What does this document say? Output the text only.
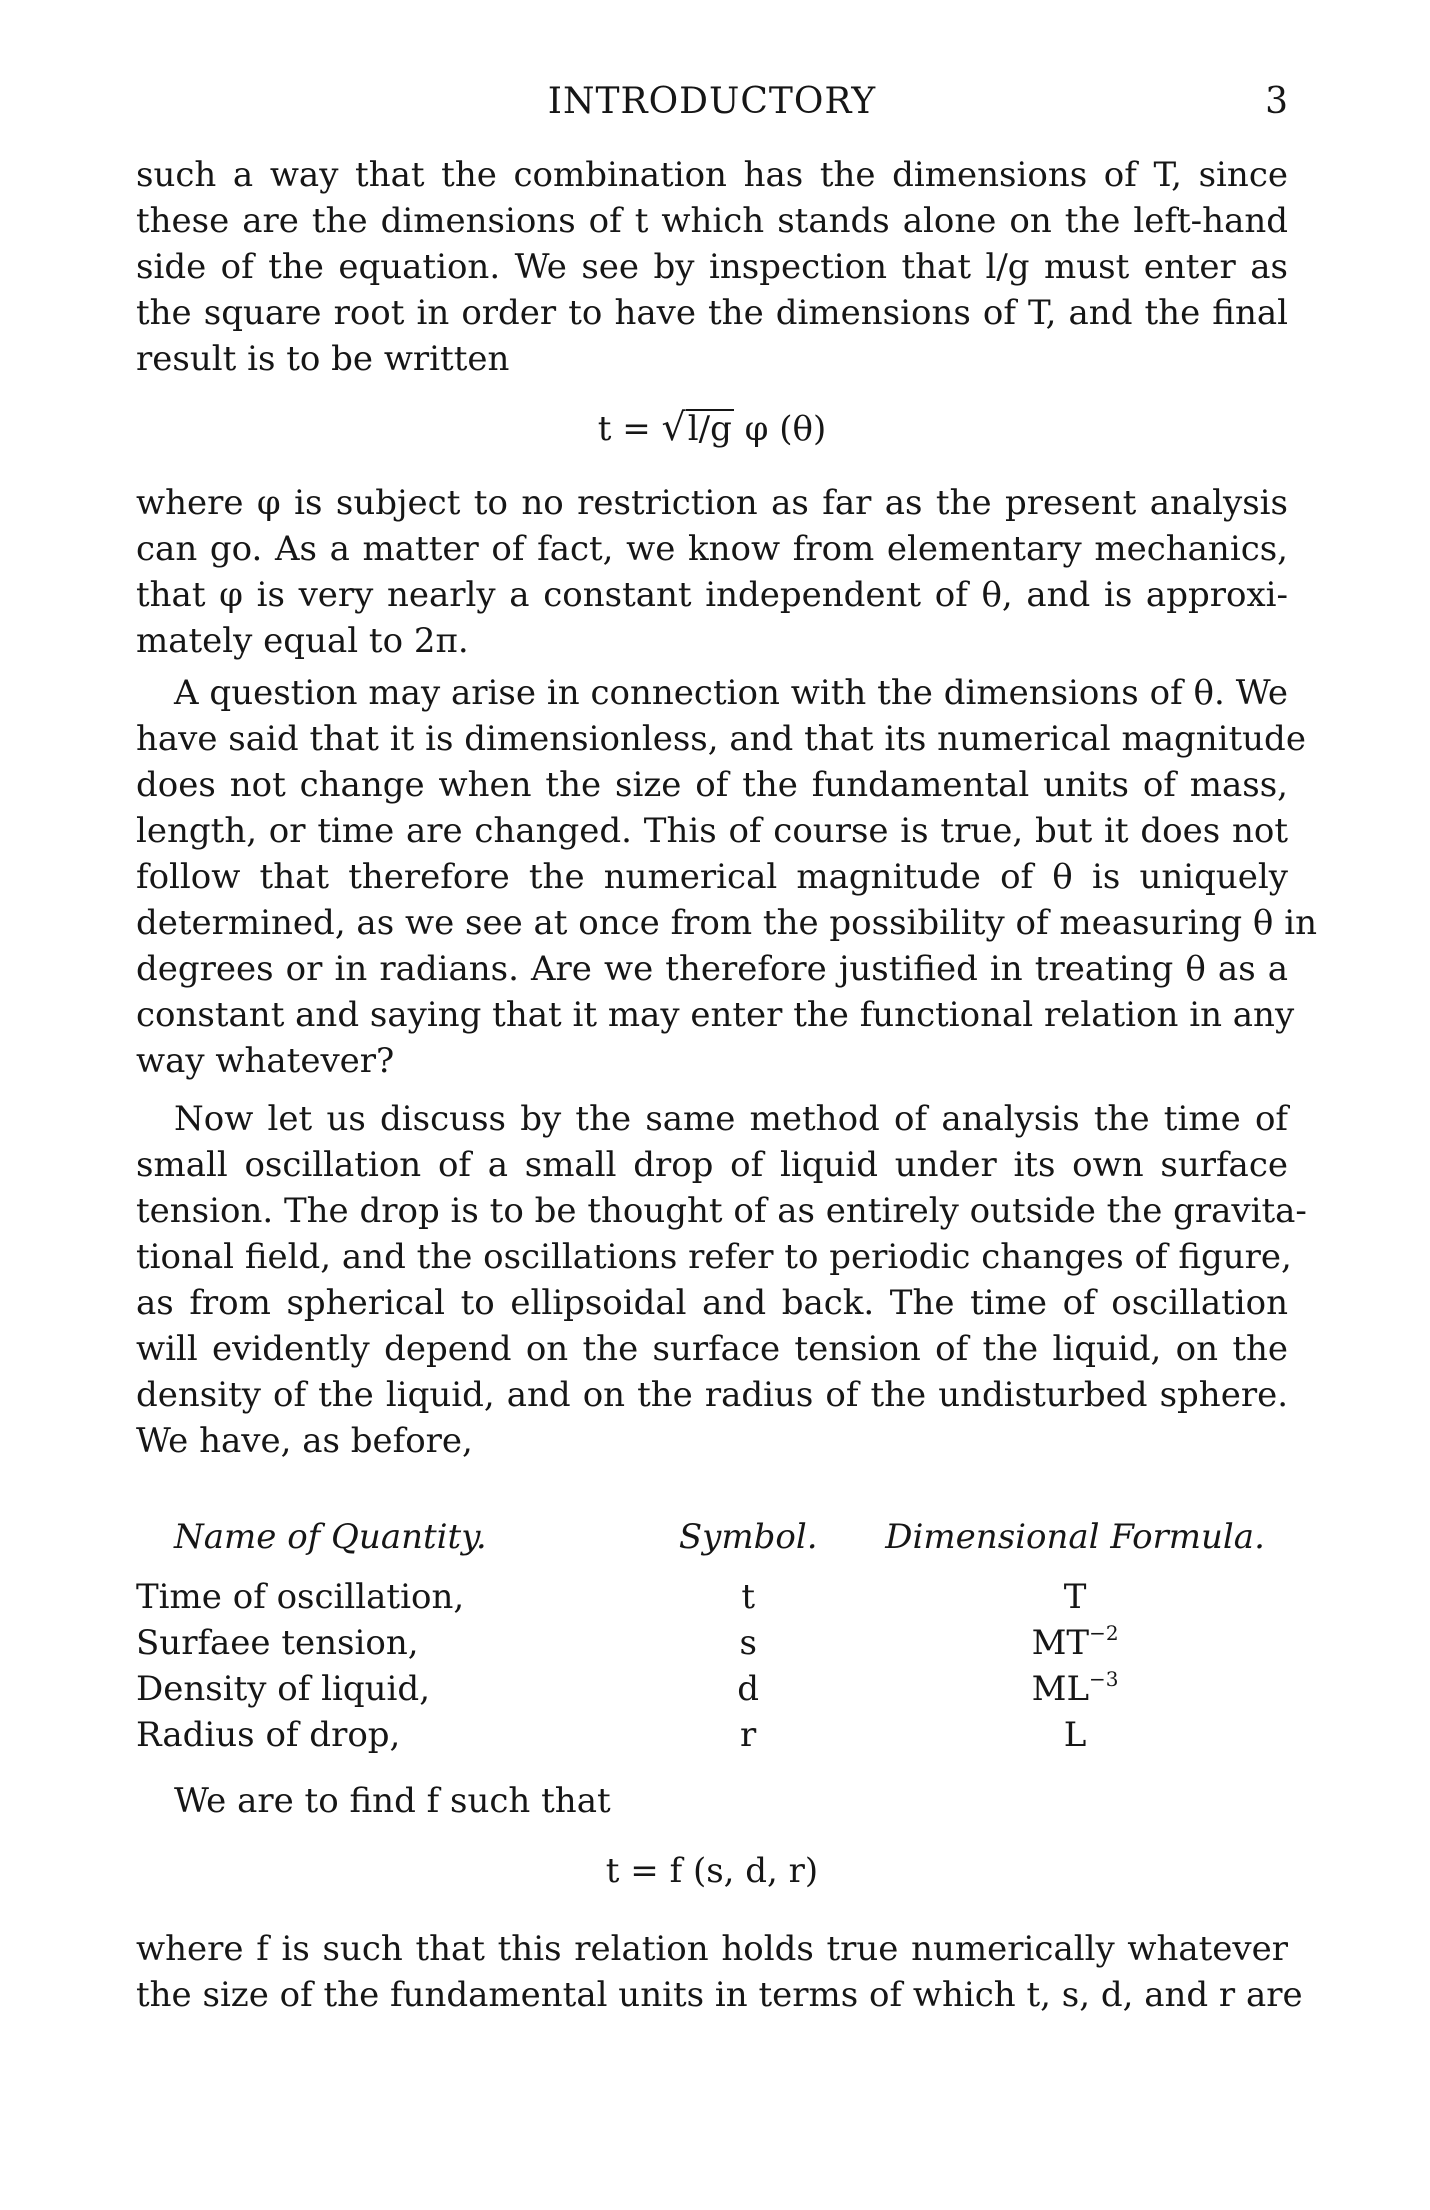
INTRODUCTORY	3
such a way that the combination has the dimensions of T, since
these are the dimensions of t which stands alone on the left-hand
side of the equation. We see by inspection that l/g must enter as
the square root in order to have the dimensions of T, and the final
result is to be written
t = √l/g φ (θ)
where φ is subject to no restriction as far as the present analysis
can go. As a matter of fact, we know from elementary mechanics,
that φ is very nearly a constant independent of θ, and is approxi-
mately equal to 2π.
A question may arise in connection with the dimensions of θ. We
have said that it is dimensionless, and that its numerical magnitude
does not change when the size of the fundamental units of mass,
length, or time are changed. This of course is true, but it does not
follow that therefore the numerical magnitude of θ is uniquely
determined, as we see at once from the possibility of measuring θ in
degrees or in radians. Are we therefore justified in treating θ as a
constant and saying that it may enter the functional relation in any
way whatever?
Now let us discuss by the same method of analysis the time of
small oscillation of a small drop of liquid under its own surface
tension. The drop is to be thought of as entirely outside the gravita-
tional field, and the oscillations refer to periodic changes of figure,
as from spherical to ellipsoidal and back. The time of oscillation
will evidently depend on the surface tension of the liquid, on the
density of the liquid, and on the radius of the undisturbed sphere.
We have, as before,
Name of Quantity.	Symbol.	Dimensional Formula.
Time of oscillation,	t	T
Surfaee tension,	s	$MT^{-2}$
Density of liquid,	d	$ML^{-3}$
Radius of drop,	r	L
We are to find f such that
t = f (s, d, r)
where f is such that this relation holds true numerically whatever
the size of the fundamental units in terms of which t, s, d, and r are
